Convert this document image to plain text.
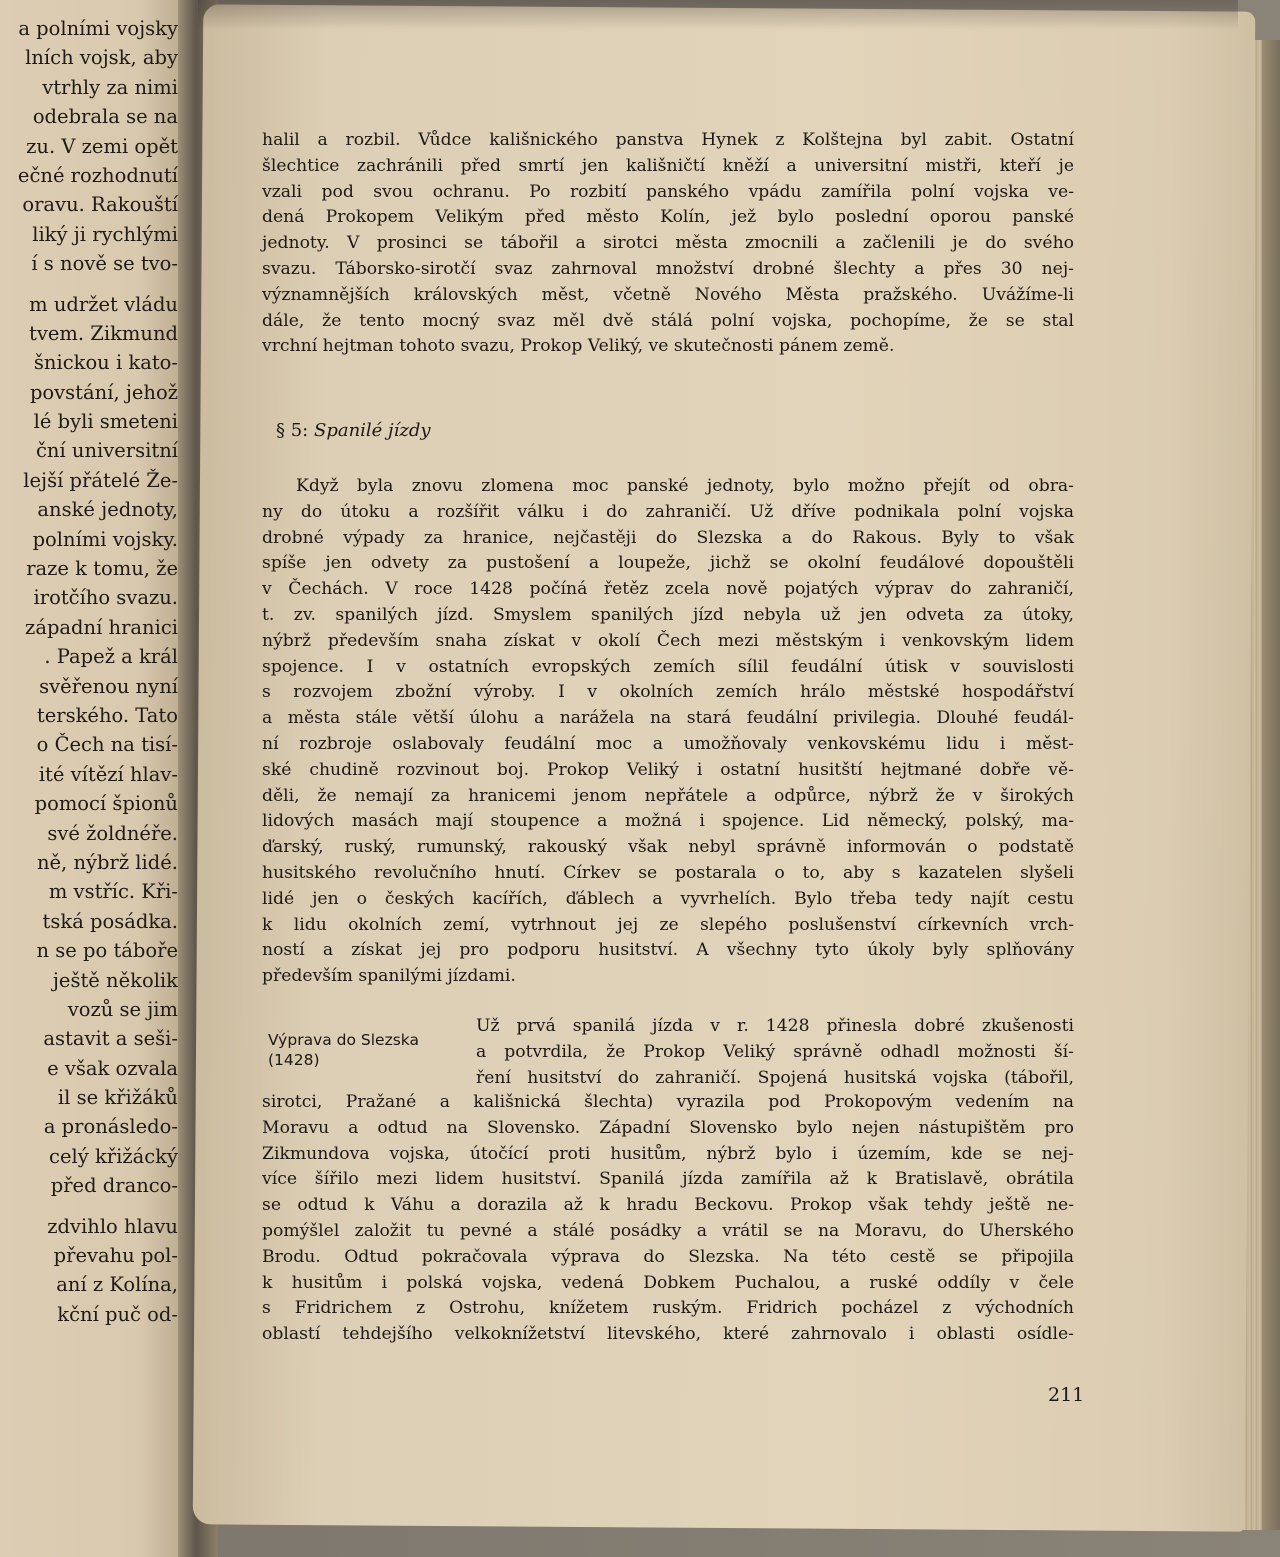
a polními vojsky
lních vojsk, aby
vtrhly za nimi
odebrala se na
zu. V zemi opět
ečné rozhodnutí
oravu. Rakouští
liký ji rychlými
í s nově se tvo-
m udržet vládu
tvem. Zikmund
šnickou i kato-
povstání, jehož
lé byli smeteni
ční universitní
lejší přátelé Že-
anské jednoty,
polními vojsky.
raze k tomu, že
irotčího svazu.
západní hranici
. Papež a král
svěřenou nyní
terského. Tato
o Čech na tisí-
ité vítězí hlav-
pomocí špionů
své žoldnéře.
ně, nýbrž lidé.
m vstříc. Kři-
tská posádka.
n se po táboře
ještě několik
vozů se jim
astavit a seši-
e však ozvala
il se křižáků
a pronásledo-
celý křižácký
před dranco-
zdvihlo hlavu
převahu pol-
aní z Kolína,
kční puč od-
halil a rozbil. Vůdce kališnického panstva Hynek z Kolštejna byl zabit. Ostatní
šlechtice zachránili před smrtí jen kališničtí kněží a universitní mistři, kteří je
vzali pod svou ochranu. Po rozbití panského vpádu zamířila polní vojska ve-
dená Prokopem Velikým před město Kolín, jež bylo poslední oporou panské
jednoty. V prosinci se tábořil a sirotci města zmocnili a začlenili je do svého
svazu. Táborsko-sirotčí svaz zahrnoval množství drobné šlechty a přes 30 nej-
významnějších královských měst, včetně Nového Města pražského. Uvážíme-li
dále, že tento mocný svaz měl dvě stálá polní vojska, pochopíme, že se stal
vrchní hejtman tohoto svazu, Prokop Veliký, ve skutečnosti pánem země.
§ 5: Spanilé jízdy
Když byla znovu zlomena moc panské jednoty, bylo možno přejít od obra-
ny do útoku a rozšířit válku i do zahraničí. Už dříve podnikala polní vojska
drobné výpady za hranice, nejčastěji do Slezska a do Rakous. Byly to však
spíše jen odvety za pustošení a loupeže, jichž se okolní feudálové dopouštěli
v Čechách. V roce 1428 počíná řetěz zcela nově pojatých výprav do zahraničí,
t. zv. spanilých jízd. Smyslem spanilých jízd nebyla už jen odveta za útoky,
nýbrž především snaha získat v okolí Čech mezi městským i venkovským lidem
spojence. I v ostatních evropských zemích sílil feudální útisk v souvislosti
s rozvojem zbožní výroby. I v okolních zemích hrálo městské hospodářství
a města stále větší úlohu a narážela na stará feudální privilegia. Dlouhé feudál-
ní rozbroje oslabovaly feudální moc a umožňovaly venkovskému lidu i měst-
ské chudině rozvinout boj. Prokop Veliký i ostatní husitští hejtmané dobře vě-
děli, že nemají za hranicemi jenom nepřátele a odpůrce, nýbrž že v širokých
lidových masách mají stoupence a možná i spojence. Lid německý, polský, ma-
ďarský, ruský, rumunský, rakouský však nebyl správně informován o podstatě
husitského revolučního hnutí. Církev se postarala o to, aby s kazatelen slyšeli
lidé jen o českých kacířích, ďáblech a vyvrhelích. Bylo třeba tedy najít cestu
k lidu okolních zemí, vytrhnout jej ze slepého poslušenství církevních vrch-
ností a získat jej pro podporu husitství. A všechny tyto úkoly byly splňovány
především spanilými jízdami.
Výprava do Slezska
(1428)
Už prvá spanilá jízda v r. 1428 přinesla dobré zkušenosti
a potvrdila, že Prokop Veliký správně odhadl možnosti ší-
ření husitství do zahraničí. Spojená husitská vojska (tábořil,
sirotci, Pražané a kališnická šlechta) vyrazila pod Prokopovým vedením na
Moravu a odtud na Slovensko. Západní Slovensko bylo nejen nástupištěm pro
Zikmundova vojska, útočící proti husitům, nýbrž bylo i územím, kde se nej-
více šířilo mezi lidem husitství. Spanilá jízda zamířila až k Bratislavě, obrátila
se odtud k Váhu a dorazila až k hradu Beckovu. Prokop však tehdy ještě ne-
pomýšlel založit tu pevné a stálé posádky a vrátil se na Moravu, do Uherského
Brodu. Odtud pokračovala výprava do Slezska. Na této cestě se připojila
k husitům i polská vojska, vedená Dobkem Puchalou, a ruské oddíly v čele
s Fridrichem z Ostrohu, knížetem ruským. Fridrich pocházel z východních
oblastí tehdejšího velkoknížetství litevského, které zahrnovalo i oblasti osídle-
211
